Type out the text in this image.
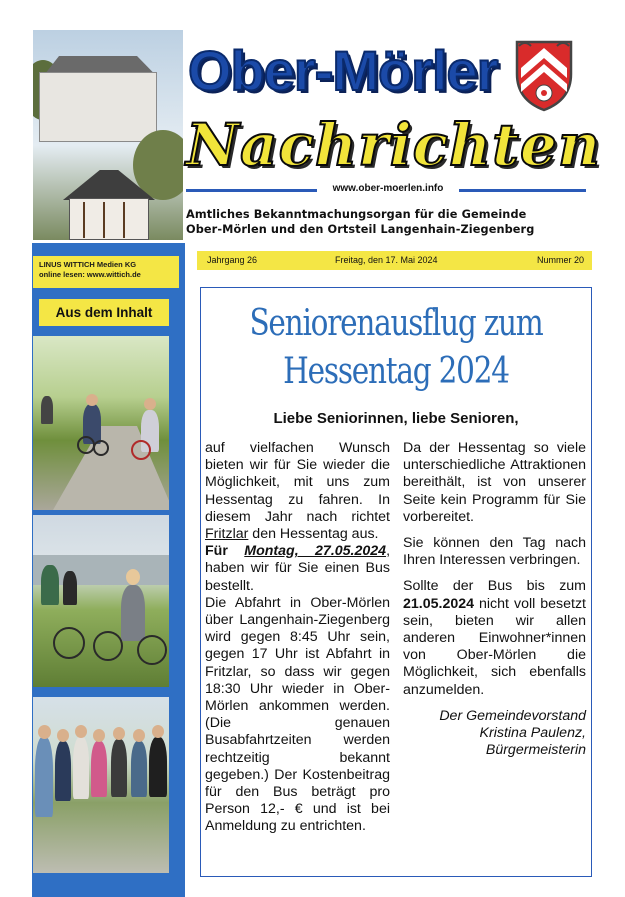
Ober-Mörler
Nachrichten
www.ober-moerlen.info
Amtliches Bekanntmachungsorgan für die Gemeinde
Ober-Mörlen und den Ortsteil Langenhain-Ziegenberg
LINUS WITTICH Medien KG
online lesen: www.wittich.de
Aus dem Inhalt
Jahrgang 26	Freitag, den 17. Mai 2024	Nummer 20
Seniorenausflug zum
Hessentag 2024
Liebe Seniorinnen, liebe Senioren,
auf vielfachen Wunsch bieten wir für Sie wieder die Möglichkeit, mit uns zum Hessentag zu fahren. In diesem Jahr nach richtet Fritzlar den Hessentag aus.
Für Montag, 27.05.2024, haben wir für Sie einen Bus bestellt.
Die Abfahrt in Ober-Mörlen über Langenhain-Ziegenberg wird gegen 8:45 Uhr sein, gegen 17 Uhr ist Abfahrt in Fritzlar, so dass wir gegen 18:30 Uhr wieder in Ober-Mörlen ankommen werden. (Die genauen Busabfahrtzeiten werden rechtzeitig bekannt gegeben.) Der Kostenbeitrag für den Bus beträgt pro Person 12,- € und ist bei Anmeldung zu entrichten.

Da der Hessentag so viele unterschiedliche Attraktionen bereithält, ist von unserer Seite kein Programm für Sie vorbereitet.

Sie können den Tag nach Ihren Interessen verbringen.

Sollte der Bus bis zum 21.05.2024 nicht voll besetzt sein, bieten wir allen anderen Einwohner*innen von Ober-Mörlen die Möglichkeit, sich ebenfalls anzumelden.

Der Gemeindevorstand
Kristina Paulenz,
Bürgermeisterin
